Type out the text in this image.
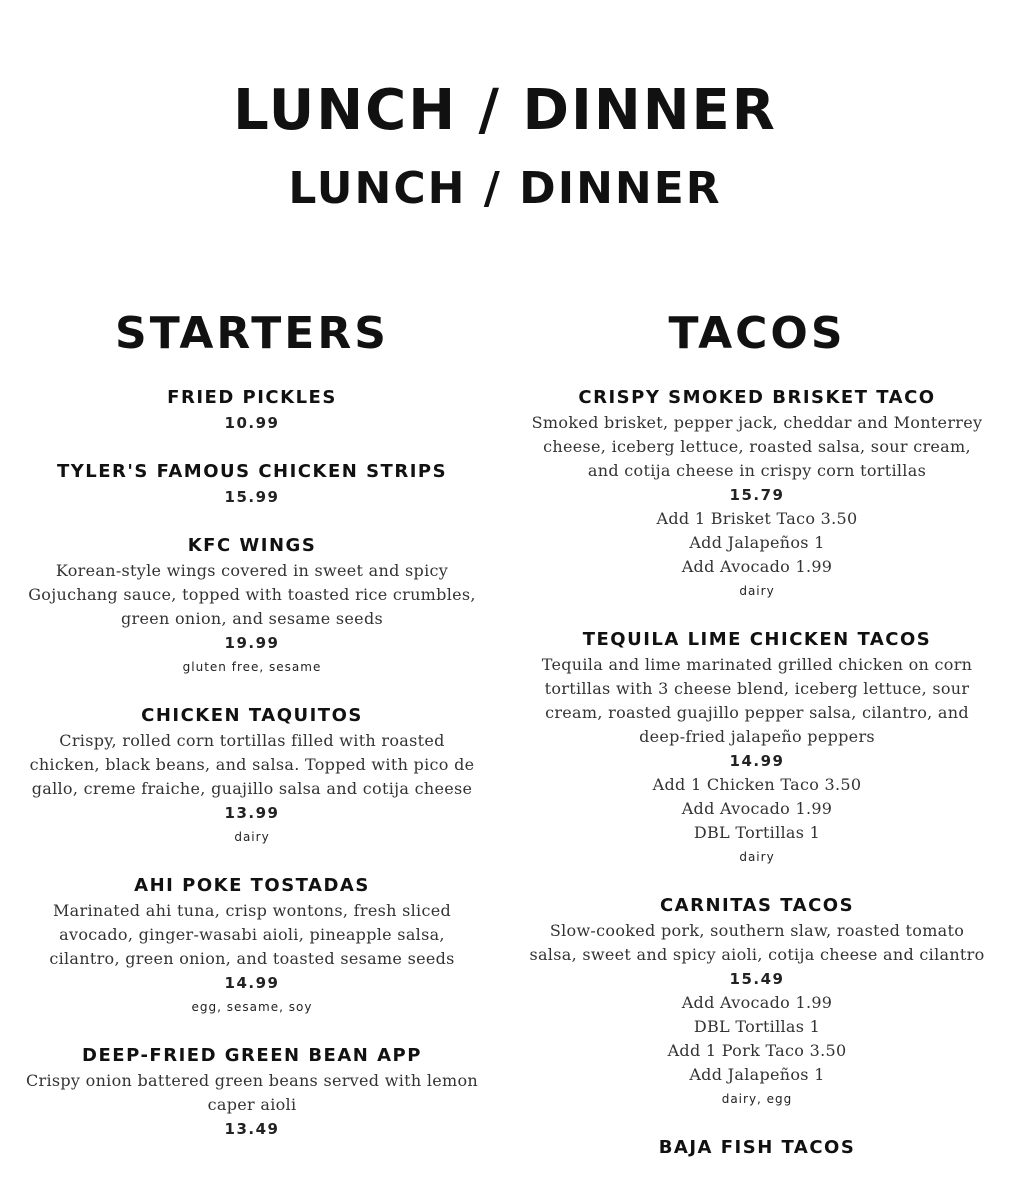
LUNCH / DINNER
LUNCH / DINNER
STARTERS
FRIED PICKLES
10.99
TYLER'S FAMOUS CHICKEN STRIPS
15.99
KFC WINGS
Korean-style wings covered in sweet and spicy Gojuchang sauce, topped with toasted rice crumbles, green onion, and sesame seeds
19.99
gluten free, sesame
CHICKEN TAQUITOS
Crispy, rolled corn tortillas filled with roasted chicken, black beans, and salsa. Topped with pico de gallo, creme fraiche, guajillo salsa and cotija cheese
13.99
dairy
AHI POKE TOSTADAS
Marinated ahi tuna, crisp wontons, fresh sliced avocado, ginger-wasabi aioli, pineapple salsa, cilantro, green onion, and toasted sesame seeds
14.99
egg, sesame, soy
DEEP-FRIED GREEN BEAN APP
Crispy onion battered green beans served with lemon caper aioli
13.49
TACOS
CRISPY SMOKED BRISKET TACO
Smoked brisket, pepper jack, cheddar and Monterrey cheese, iceberg lettuce, roasted salsa, sour cream, and cotija cheese in crispy corn tortillas
15.79
Add 1 Brisket Taco 3.50
Add Jalapeños 1
Add Avocado 1.99
dairy
TEQUILA LIME CHICKEN TACOS
Tequila and lime marinated grilled chicken on corn tortillas with 3 cheese blend, iceberg lettuce, sour cream, roasted guajillo pepper salsa, cilantro, and deep-fried jalapeño peppers
14.99
Add 1 Chicken Taco 3.50
Add Avocado 1.99
DBL Tortillas 1
dairy
CARNITAS TACOS
Slow-cooked pork, southern slaw, roasted tomato salsa, sweet and spicy aioli, cotija cheese and cilantro
15.49
Add Avocado 1.99
DBL Tortillas 1
Add 1 Pork Taco 3.50
Add Jalapeños 1
dairy, egg
BAJA FISH TACOS
